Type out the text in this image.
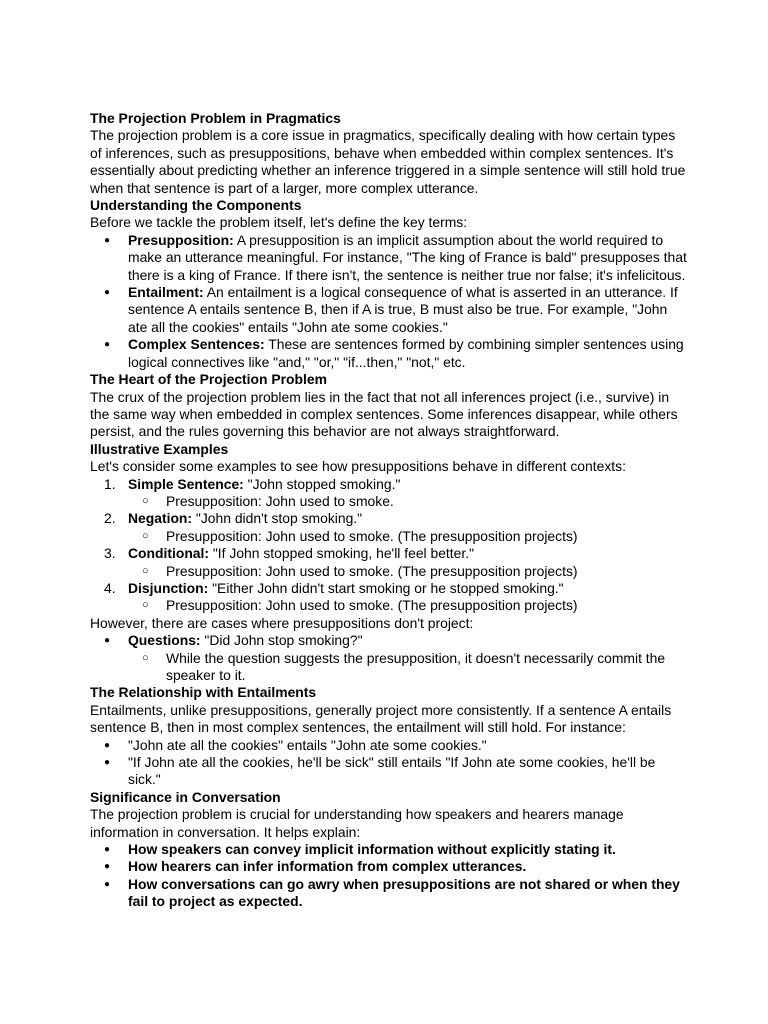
The Projection Problem in Pragmatics

The projection problem is a core issue in pragmatics, specifically dealing with how certain types of inferences, such as presuppositions, behave when embedded within complex sentences. It's essentially about predicting whether an inference triggered in a simple sentence will still hold true when that sentence is part of a larger, more complex utterance.

Understanding the Components

Before we tackle the problem itself, let's define the key terms:

● Presupposition: A presupposition is an implicit assumption about the world required to make an utterance meaningful. For instance, "The king of France is bald" presupposes that there is a king of France. If there isn't, the sentence is neither true nor false; it's infelicitous.
● Entailment: An entailment is a logical consequence of what is asserted in an utterance. If sentence A entails sentence B, then if A is true, B must also be true. For example, "John ate all the cookies" entails "John ate some cookies."
● Complex Sentences: These are sentences formed by combining simpler sentences using logical connectives like "and," "or," "if...then," "not," etc.
The Heart of the Projection Problem

The crux of the projection problem lies in the fact that not all inferences project (i.e., survive) in the same way when embedded in complex sentences. Some inferences disappear, while others persist, and the rules governing this behavior are not always straightforward.

Illustrative Examples

Let's consider some examples to see how presuppositions behave in different contexts:

1. Simple Sentence: "John stopped smoking."
○ Presupposition: John used to smoke.
2. Negation: "John didn't stop smoking."
○ Presupposition: John used to smoke. (The presupposition projects)
3. Conditional: "If John stopped smoking, he'll feel better."
○ Presupposition: John used to smoke. (The presupposition projects)
4. Disjunction: "Either John didn't start smoking or he stopped smoking."
○ Presupposition: John used to smoke. (The presupposition projects)

However, there are cases where presuppositions don't project:

● Questions: "Did John stop smoking?"
○ While the question suggests the presupposition, it doesn't necessarily commit the speaker to it.
The Relationship with Entailments

Entailments, unlike presuppositions, generally project more consistently. If a sentence A entails sentence B, then in most complex sentences, the entailment will still hold. For instance:

● "John ate all the cookies" entails "John ate some cookies."
● "If John ate all the cookies, he'll be sick" still entails "If John ate some cookies, he'll be sick."
Significance in Conversation

The projection problem is crucial for understanding how speakers and hearers manage information in conversation. It helps explain:

● How speakers can convey implicit information without explicitly stating it.
● How hearers can infer information from complex utterances.
● How conversations can go awry when presuppositions are not shared or when they fail to project as expected.
